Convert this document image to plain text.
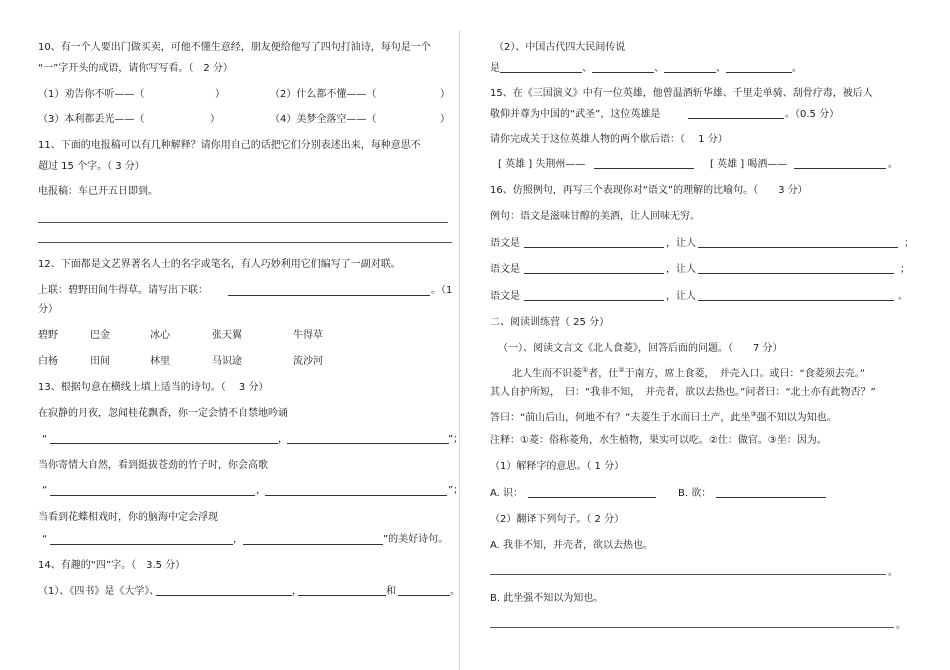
10、有一个人要出门做买卖，可他不懂生意经，朋友便给他写了四句打油诗，每句是一个
“一”字开头的成语，请你写写看。（　2 分）
（1）劝告你不听——（	）	（2）什么都不懂——（	）
（3）本利都丢光——（	）	（4）美梦全落空——（	）
11、下面的电报稿可以有几种解释？请你用自己的话把它们分别表述出来，每种意思不
超过 15 个字。（ 3 分）
电报稿：车已开五日即到。
12、下面都是文艺界著名人士的名字或笔名，有人巧妙利用它们编写了一副对联。
上联：碧野田间牛得草。请写出下联：	。（1
分）
碧野	巴金	冰心	张天翼	牛得草
白杨	田间	林里	马识途	流沙河
13、根据句意在横线上填上适当的诗句。（　 3 分）
在寂静的月夜，忽闻桂花飘香，你一定会情不自禁地吟诵
“	，	”；
当你寄情大自然，看到挺拔苍劲的竹子时，你会高歌
“	，	”；
当看到花蝶相戏时，你的脑海中定会浮现
“	，	”的美好诗句。
14、有趣的“四”字。（　3.5 分）
（1）、《四书》是《大学》、	，	和	。
（2）、中国古代四大民间传说
是	、	、	、	。
15、在《三国演义》中有一位英雄，他曾温酒斩华雄、千里走单骑、刮骨疗毒，被后人
敬仰并尊为中国的“武圣”，这位英雄是	。（0.5 分）
请你完成关于这位英雄人物的两个歇后语：（　 1 分）
[ 英雄 ] 失荆州——	[ 英雄 ] 喝酒——	。
16、仿照例句，再写三个表现你对“语文”的理解的比喻句。（　　3 分）
例句：语文是滋味甘醇的美酒，让人回味无穷。
语文是	，让人	；
语文是	，让人	；
语文是	，让人	。
二、阅读训练营（ 25 分）
（一）、阅读文言文《北人食菱》，回答后面的问题。（　　7 分）
北人生而不识菱①者，仕②于南方，席上食菱，　并壳入口。或曰：“食菱须去壳。”
其人自护所短，　曰：“我非不知，　并壳者，欲以去热也。”问者曰：“北土亦有此物否？”
答曰：“前山后山，何地不有？”夫菱生于水而曰土产，此坐③强不知以为知也。
注释：①菱：俗称菱角，水生植物，果实可以吃。②仕：做官。③坐：因为。
（1）解释字的意思。（ 1 分）
A. 识：	B. 欲：
（2）翻译下列句子。（ 2 分）
A. 我非不知，并壳者，欲以去热也。
。
B. 此坐强不知以为知也。
。
